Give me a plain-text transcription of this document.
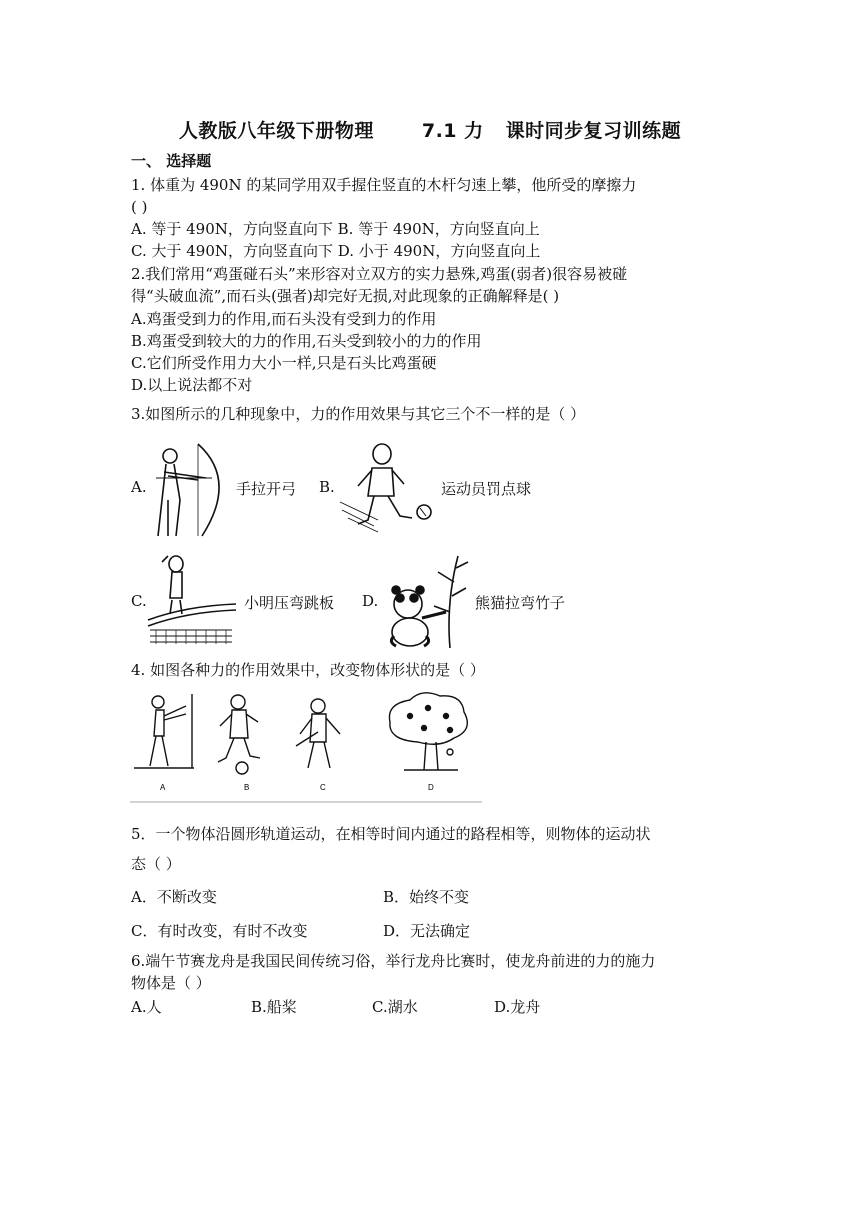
人教版八年级下册物理	7.1 力 课时同步复习训练题
一、 选择题
1. 体重为 490N 的某同学用双手握住竖直的木杆匀速上攀，他所受的摩擦力
( )
A. 等于 490N，方向竖直向下 B. 等于 490N，方向竖直向上
C. 大于 490N，方向竖直向下 D. 小于 490N，方向竖直向上
2.我们常用“鸡蛋碰石头”来形容对立双方的实力悬殊,鸡蛋(弱者)很容易被碰
得“头破血流”,而石头(强者)却完好无损,对此现象的正确解释是( )
A.鸡蛋受到力的作用,而石头没有受到力的作用
B.鸡蛋受到较大的力的作用,石头受到较小的力的作用
C.它们所受作用力大小一样,只是石头比鸡蛋硬
D.以上说法都不对
3.如图所示的几种现象中，力的作用效果与其它三个不一样的是（ ）
A.	手拉开弓 B.	运动员罚点球
C.	小明压弯跳板 D.	熊猫拉弯竹子
4. 如图各种力的作用效果中，改变物体形状的是（ ）
A	B	C	D
5．一个物体沿圆形轨道运动，在相等时间内通过的路程相等，则物体的运动状
态（ ）
A．不断改变	B．始终不变
C．有时改变，有时不改变	D．无法确定
6.端午节赛龙舟是我国民间传统习俗，举行龙舟比赛时，使龙舟前进的力的施力
物体是（ ）
A.人	B.船桨	C.湖水	D.龙舟
